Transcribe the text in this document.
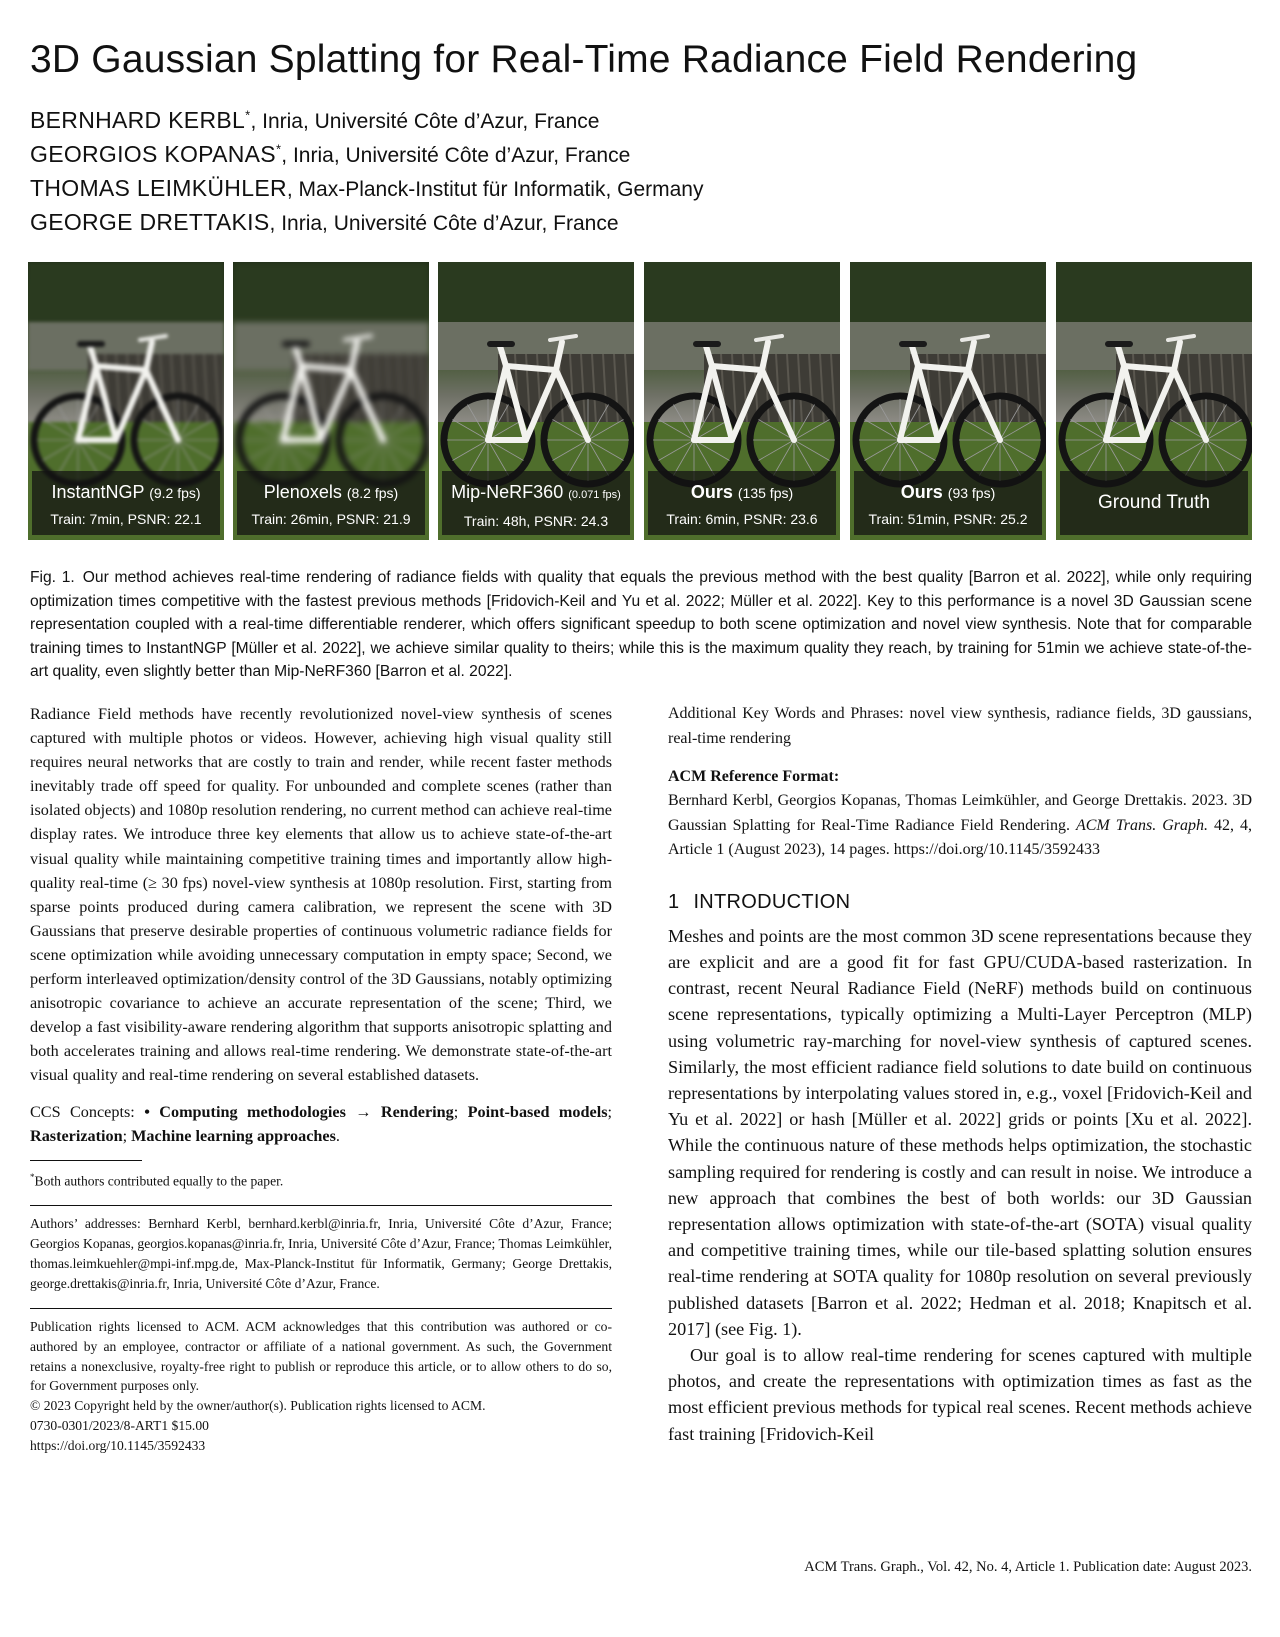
3D Gaussian Splatting for Real-Time Radiance Field Rendering
BERNHARD KERBL*, Inria, Université Côte d’Azur, France
GEORGIOS KOPANAS*, Inria, Université Côte d’Azur, France
THOMAS LEIMKÜHLER, Max-Planck-Institut für Informatik, Germany
GEORGE DRETTAKIS, Inria, Université Côte d’Azur, France
InstantNGP (9.2 fps)
Train: 7min, PSNR: 22.1
Plenoxels (8.2 fps)
Train: 26min, PSNR: 21.9
Mip-NeRF360 (0.071 fps)
Train: 48h, PSNR: 24.3
Ours (135 fps)
Train: 6min, PSNR: 23.6
Ours (93 fps)
Train: 51min, PSNR: 25.2
Ground Truth
Fig. 1. Our method achieves real-time rendering of radiance fields with quality that equals the previous method with the best quality [Barron et al. 2022], while only requiring optimization times competitive with the fastest previous methods [Fridovich-Keil and Yu et al. 2022; Müller et al. 2022]. Key to this performance is a novel 3D Gaussian scene representation coupled with a real-time differentiable renderer, which offers significant speedup to both scene optimization and novel view synthesis. Note that for comparable training times to InstantNGP [Müller et al. 2022], we achieve similar quality to theirs; while this is the maximum quality they reach, by training for 51min we achieve state-of-the-art quality, even slightly better than Mip-NeRF360 [Barron et al. 2022].

Radiance Field methods have recently revolutionized novel-view synthesis of scenes captured with multiple photos or videos. However, achieving high visual quality still requires neural networks that are costly to train and render, while recent faster methods inevitably trade off speed for quality. For unbounded and complete scenes (rather than isolated objects) and 1080p resolution rendering, no current method can achieve real-time display rates. We introduce three key elements that allow us to achieve state-of-the-art visual quality while maintaining competitive training times and importantly allow high-quality real-time (≥ 30 fps) novel-view synthesis at 1080p resolution. First, starting from sparse points produced during camera calibration, we represent the scene with 3D Gaussians that preserve desirable properties of continuous volumetric radiance fields for scene optimization while avoiding unnecessary computation in empty space; Second, we perform interleaved optimization/density control of the 3D Gaussians, notably optimizing anisotropic covariance to achieve an accurate representation of the scene; Third, we develop a fast visibility-aware rendering algorithm that supports anisotropic splatting and both accelerates training and allows real-time rendering. We demonstrate state-of-the-art visual quality and real-time rendering on several established datasets.

CCS Concepts: • Computing methodologies → Rendering; Point-based models; Rasterization; Machine learning approaches.
*Both authors contributed equally to the paper.
Authors’ addresses: Bernhard Kerbl, bernhard.kerbl@inria.fr, Inria, Université Côte d’Azur, France; Georgios Kopanas, georgios.kopanas@inria.fr, Inria, Université Côte d’Azur, France; Thomas Leimkühler, thomas.leimkuehler@mpi-inf.mpg.de, Max-Planck-Institut für Informatik, Germany; George Drettakis, george.drettakis@inria.fr, Inria, Université Côte d’Azur, France.
Publication rights licensed to ACM. ACM acknowledges that this contribution was authored or co-authored by an employee, contractor or affiliate of a national government. As such, the Government retains a nonexclusive, royalty-free right to publish or reproduce this article, or to allow others to do so, for Government purposes only.
© 2023 Copyright held by the owner/author(s). Publication rights licensed to ACM.
0730-0301/2023/8-ART1 $15.00
https://doi.org/10.1145/3592433

Additional Key Words and Phrases: novel view synthesis, radiance fields, 3D gaussians, real-time rendering

ACM Reference Format:
Bernhard Kerbl, Georgios Kopanas, Thomas Leimkühler, and George Drettakis. 2023. 3D Gaussian Splatting for Real-Time Radiance Field Rendering. ACM Trans. Graph. 42, 4, Article 1 (August 2023), 14 pages. https://doi.org/10.1145/3592433
1 INTRODUCTION

Meshes and points are the most common 3D scene representations because they are explicit and are a good fit for fast GPU/CUDA-based rasterization. In contrast, recent Neural Radiance Field (NeRF) methods build on continuous scene representations, typically optimizing a Multi-Layer Perceptron (MLP) using volumetric ray-marching for novel-view synthesis of captured scenes. Similarly, the most efficient radiance field solutions to date build on continuous representations by interpolating values stored in, e.g., voxel [Fridovich-Keil and Yu et al. 2022] or hash [Müller et al. 2022] grids or points [Xu et al. 2022]. While the continuous nature of these methods helps optimization, the stochastic sampling required for rendering is costly and can result in noise. We introduce a new approach that combines the best of both worlds: our 3D Gaussian representation allows optimization with state-of-the-art (SOTA) visual quality and competitive training times, while our tile-based splatting solution ensures real-time rendering at SOTA quality for 1080p resolution on several previously published datasets [Barron et al. 2022; Hedman et al. 2018; Knapitsch et al. 2017] (see Fig. 1).

Our goal is to allow real-time rendering for scenes captured with multiple photos, and create the representations with optimization times as fast as the most efficient previous methods for typical real scenes. Recent methods achieve fast training [Fridovich-Keil

ACM Trans. Graph., Vol. 42, No. 4, Article 1. Publication date: August 2023.
